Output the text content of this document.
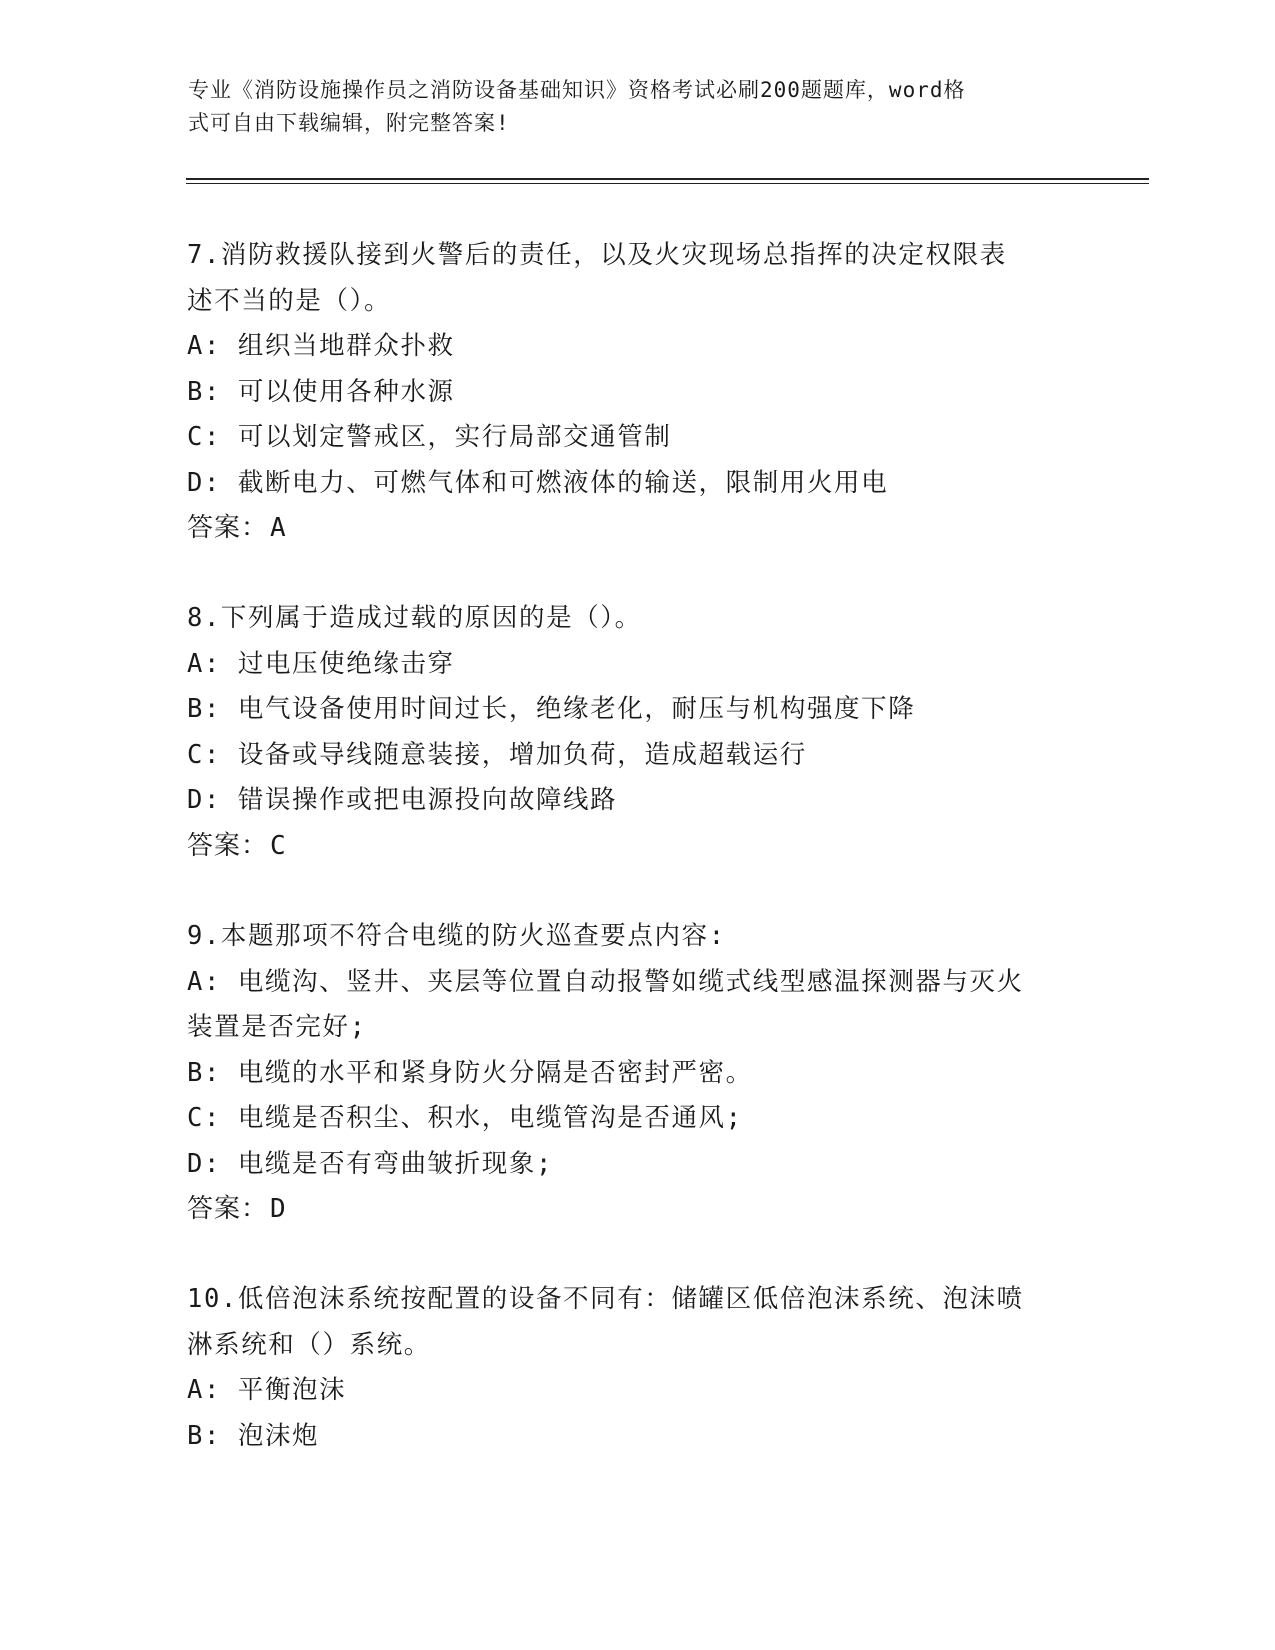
专业《消防设施操作员之消防设备基础知识》资格考试必刷200题题库，word格
式可自由下载编辑，附完整答案!

7.消防救援队接到火警后的责任，以及火灾现场总指挥的决定权限表

述不当的是（）。

A: 组织当地群众扑救

B: 可以使用各种水源

C: 可以划定警戒区，实行局部交通管制

D: 截断电力、可燃气体和可燃液体的输送，限制用火用电

答案：A

8.下列属于造成过载的原因的是（）。

A: 过电压使绝缘击穿

B: 电气设备使用时间过长，绝缘老化，耐压与机构强度下降

C: 设备或导线随意装接，增加负荷，造成超载运行

D: 错误操作或把电源投向故障线路

答案：C

9.本题那项不符合电缆的防火巡查要点内容:

A: 电缆沟、竖井、夹层等位置自动报警如缆式线型感温探测器与灭火

装置是否完好;

B: 电缆的水平和紧身防火分隔是否密封严密。

C: 电缆是否积尘、积水，电缆管沟是否通风;

D: 电缆是否有弯曲皱折现象;

答案：D

10.低倍泡沫系统按配置的设备不同有：储罐区低倍泡沫系统、泡沫喷

淋系统和（）系统。

A: 平衡泡沫

B: 泡沫炮
